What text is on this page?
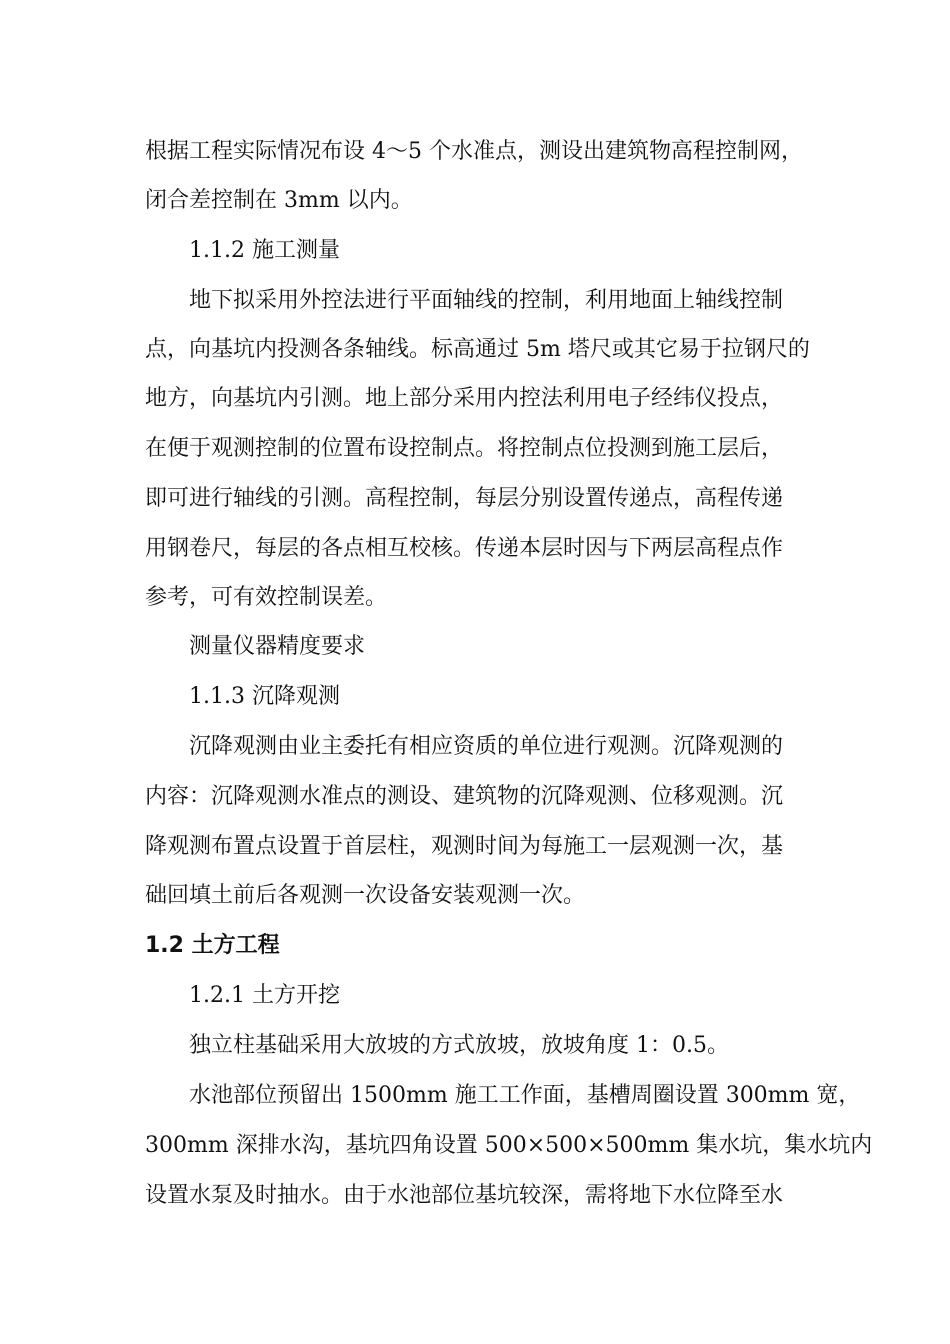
根据工程实际情况布设 4～5 个水准点，测设出建筑物高程控制网，
闭合差控制在 3mm 以内。
1.1.2 施工测量
地下拟采用外控法进行平面轴线的控制，利用地面上轴线控制
点，向基坑内投测各条轴线。标高通过 5m 塔尺或其它易于拉钢尺的
地方，向基坑内引测。地上部分采用内控法利用电子经纬仪投点，
在便于观测控制的位置布设控制点。将控制点位投测到施工层后，
即可进行轴线的引测。高程控制，每层分别设置传递点，高程传递
用钢卷尺，每层的各点相互校核。传递本层时因与下两层高程点作
参考，可有效控制误差。
测量仪器精度要求
1.1.3 沉降观测
沉降观测由业主委托有相应资质的单位进行观测。沉降观测的
内容：沉降观测水准点的测设、建筑物的沉降观测、位移观测。沉
降观测布置点设置于首层柱，观测时间为每施工一层观测一次，基
础回填土前后各观测一次设备安装观测一次。
1.2 土方工程
1.2.1 土方开挖
独立柱基础采用大放坡的方式放坡，放坡角度 1：0.5。
水池部位预留出 1500mm 施工工作面，基槽周圈设置 300mm 宽，
300mm 深排水沟，基坑四角设置 500×500×500mm 集水坑，集水坑内
设置水泵及时抽水。由于水池部位基坑较深，需将地下水位降至水
